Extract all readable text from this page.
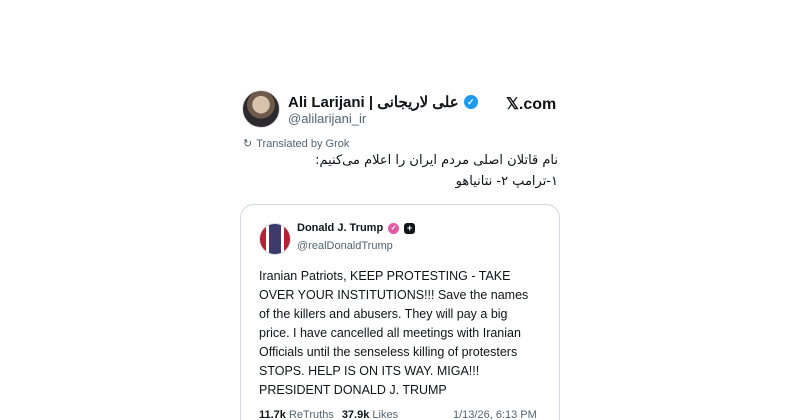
Ali Larijani | علی لاریجانی ✓
@alilarijani_ir
𝕏.com
↻ Translated by Grok
نام قاتلان اصلی مردم ایران را اعلام می‌کنیم:
۱-ترامپ ۲- نتانیاهو
Donald J. Trump	✓	+
@realDonaldTrump
Iranian Patriots, KEEP PROTESTING - TAKE
OVER YOUR INSTITUTIONS!!! Save the names
of the killers and abusers. They will pay a big
price. I have cancelled all meetings with Iranian
Officials until the senseless killing of protesters
STOPS. HELP IS ON ITS WAY. MIGA!!!
PRESIDENT DONALD J. TRUMP
11.7k ReTruths 37.9k Likes	1/13/26, 6:13 PM
